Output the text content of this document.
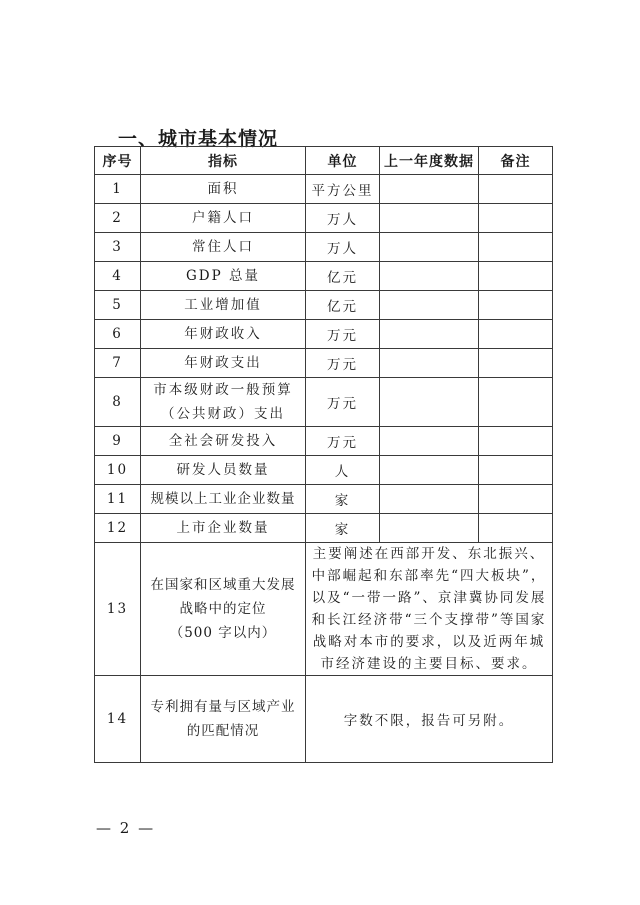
一、城市基本情况
序号	指标	单位	上一年度数据	备注
1	面积	平方公里		
2	户籍人口	万人		
3	常住人口	万人		
4	GDP 总量	亿元		
5	工业增加值	亿元		
6	年财政收入	万元		
7	年财政支出	万元		
8	市本级财政一般预算
（公共财政）支出	万元		
9	全社会研发投入	万元		
10	研发人员数量	人		
11	规模以上工业企业数量	家		
12	上市企业数量	家		
13	在国家和区域重大发展
战略中的定位
（500 字以内）	主要阐述在西部开发、东北振兴、中部崛起和东部率先“四大板块”，以及“一带一路”、京津冀协同发展和长江经济带“三个支撑带”等国家战略对本市的要求，以及近两年城市经济建设的主要目标、要求。		
14	专利拥有量与区域产业
的匹配情况	字数不限，报告可另附。		
— 2 —
